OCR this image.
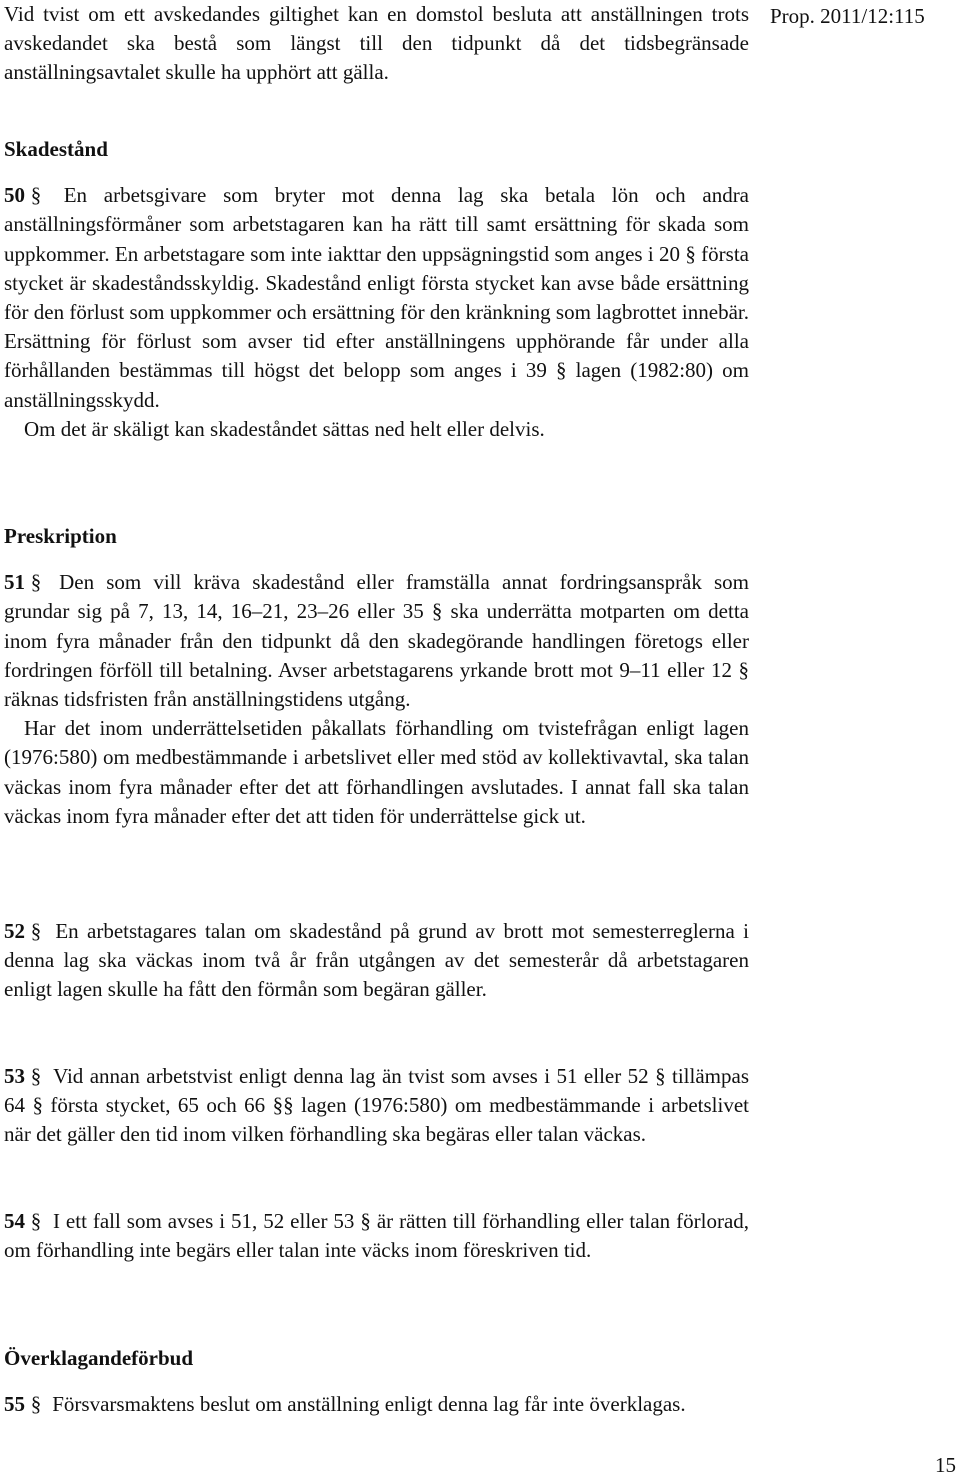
Prop. 2011/12:115

Vid tvist om ett avskedandes giltighet kan en domstol besluta att anställningen trots avskedandet ska bestå som längst till den tidpunkt då det tidsbegränsade anställningsavtalet skulle ha upphört att gälla.

Skadestånd

50 § En arbetsgivare som bryter mot denna lag ska betala lön och andra anställningsförmåner som arbetstagaren kan ha rätt till samt ersättning för skada som uppkommer. En arbetstagare som inte iakttar den uppsägningstid som anges i 20 § första stycket är skadeståndsskyldig. Skadestånd enligt första stycket kan avse både ersättning för den förlust som uppkommer och ersättning för den kränkning som lagbrottet innebär. Ersättning för förlust som avser tid efter anställningens upphörande får under alla förhållanden bestämmas till högst det belopp som anges i 39 § lagen (1982:80) om anställningsskydd.

Om det är skäligt kan skadeståndet sättas ned helt eller delvis.

Preskription

51 § Den som vill kräva skadestånd eller framställa annat fordringsanspråk som grundar sig på 7, 13, 14, 16–21, 23–26 eller 35 § ska underrätta motparten om detta inom fyra månader från den tidpunkt då den skadegörande handlingen företogs eller fordringen förföll till betalning. Avser arbetstagarens yrkande brott mot 9–11 eller 12 § räknas tidsfristen från anställningstidens utgång.

Har det inom underrättelsetiden påkallats förhandling om tvistefrågan enligt lagen (1976:580) om medbestämmande i arbetslivet eller med stöd av kollektivavtal, ska talan väckas inom fyra månader efter det att förhandlingen avslutades. I annat fall ska talan väckas inom fyra månader efter det att tiden för underrättelse gick ut.

52 § En arbetstagares talan om skadestånd på grund av brott mot semesterreglerna i denna lag ska väckas inom två år från utgången av det semesterår då arbetstagaren enligt lagen skulle ha fått den förmån som begäran gäller.

53 § Vid annan arbetstvist enligt denna lag än tvist som avses i 51 eller 52 § tillämpas 64 § första stycket, 65 och 66 §§ lagen (1976:580) om medbestämmande i arbetslivet när det gäller den tid inom vilken förhandling ska begäras eller talan väckas.

54 § I ett fall som avses i 51, 52 eller 53 § är rätten till förhandling eller talan förlorad, om förhandling inte begärs eller talan inte väcks inom föreskriven tid.

Överklagandeförbud

55 § Försvarsmaktens beslut om anställning enligt denna lag får inte överklagas.

15
